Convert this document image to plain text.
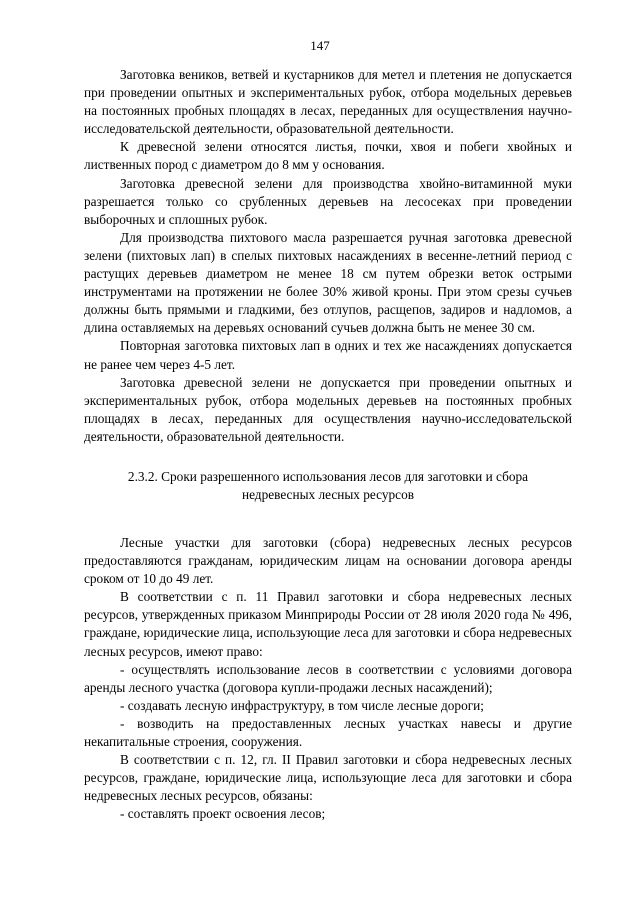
147

Заготовка веников, ветвей и кустарников для метел и плетения не допускается при проведении опытных и экспериментальных рубок, отбора модельных деревьев на постоянных пробных площадях в лесах, переданных для осуществления научно-исследовательской деятельности, образовательной деятельности.

К древесной зелени относятся листья, почки, хвоя и побеги хвойных и лиственных пород с диаметром до 8 мм у основания.

Заготовка древесной зелени для производства хвойно-витаминной муки разрешается только со срубленных деревьев на лесосеках при проведении выборочных и сплошных рубок.

Для производства пихтового масла разрешается ручная заготовка древесной зелени (пихтовых лап) в спелых пихтовых насаждениях в весенне-летний период с растущих деревьев диаметром не менее 18 см путем обрезки веток острыми инструментами на протяжении не более 30% живой кроны. При этом срезы сучьев должны быть прямыми и гладкими, без отлупов, расщепов, задиров и надломов, а длина оставляемых на деревьях оснований сучьев должна быть не менее 30 см.

Повторная заготовка пихтовых лап в одних и тех же насаждениях допускается не ранее чем через 4-5 лет.

Заготовка древесной зелени не допускается при проведении опытных и экспериментальных рубок, отбора модельных деревьев на постоянных пробных площадях в лесах, переданных для осуществления научно-исследовательской деятельности, образовательной деятельности.

2.3.2. Сроки разрешенного использования лесов для заготовки и сбора
недревесных лесных ресурсов

Лесные участки для заготовки (сбора) недревесных лесных ресурсов предоставляются гражданам, юридическим лицам на основании договора аренды сроком от 10 до 49 лет.

В соответствии с п. 11 Правил заготовки и сбора недревесных лесных ресурсов, утвержденных приказом Минприроды России от 28 июля 2020 года № 496, граждане, юридические лица, использующие леса для заготовки и сбора недревесных лесных ресурсов, имеют право:

- осуществлять использование лесов в соответствии с условиями договора аренды лесного участка (договора купли-продажи лесных насаждений);

- создавать лесную инфраструктуру, в том числе лесные дороги;

- возводить на предоставленных лесных участках навесы и другие некапитальные строения, сооружения.

В соответствии с п. 12, гл. II Правил заготовки и сбора недревесных лесных ресурсов, граждане, юридические лица, использующие леса для заготовки и сбора недревесных лесных ресурсов, обязаны:

- составлять проект освоения лесов;
